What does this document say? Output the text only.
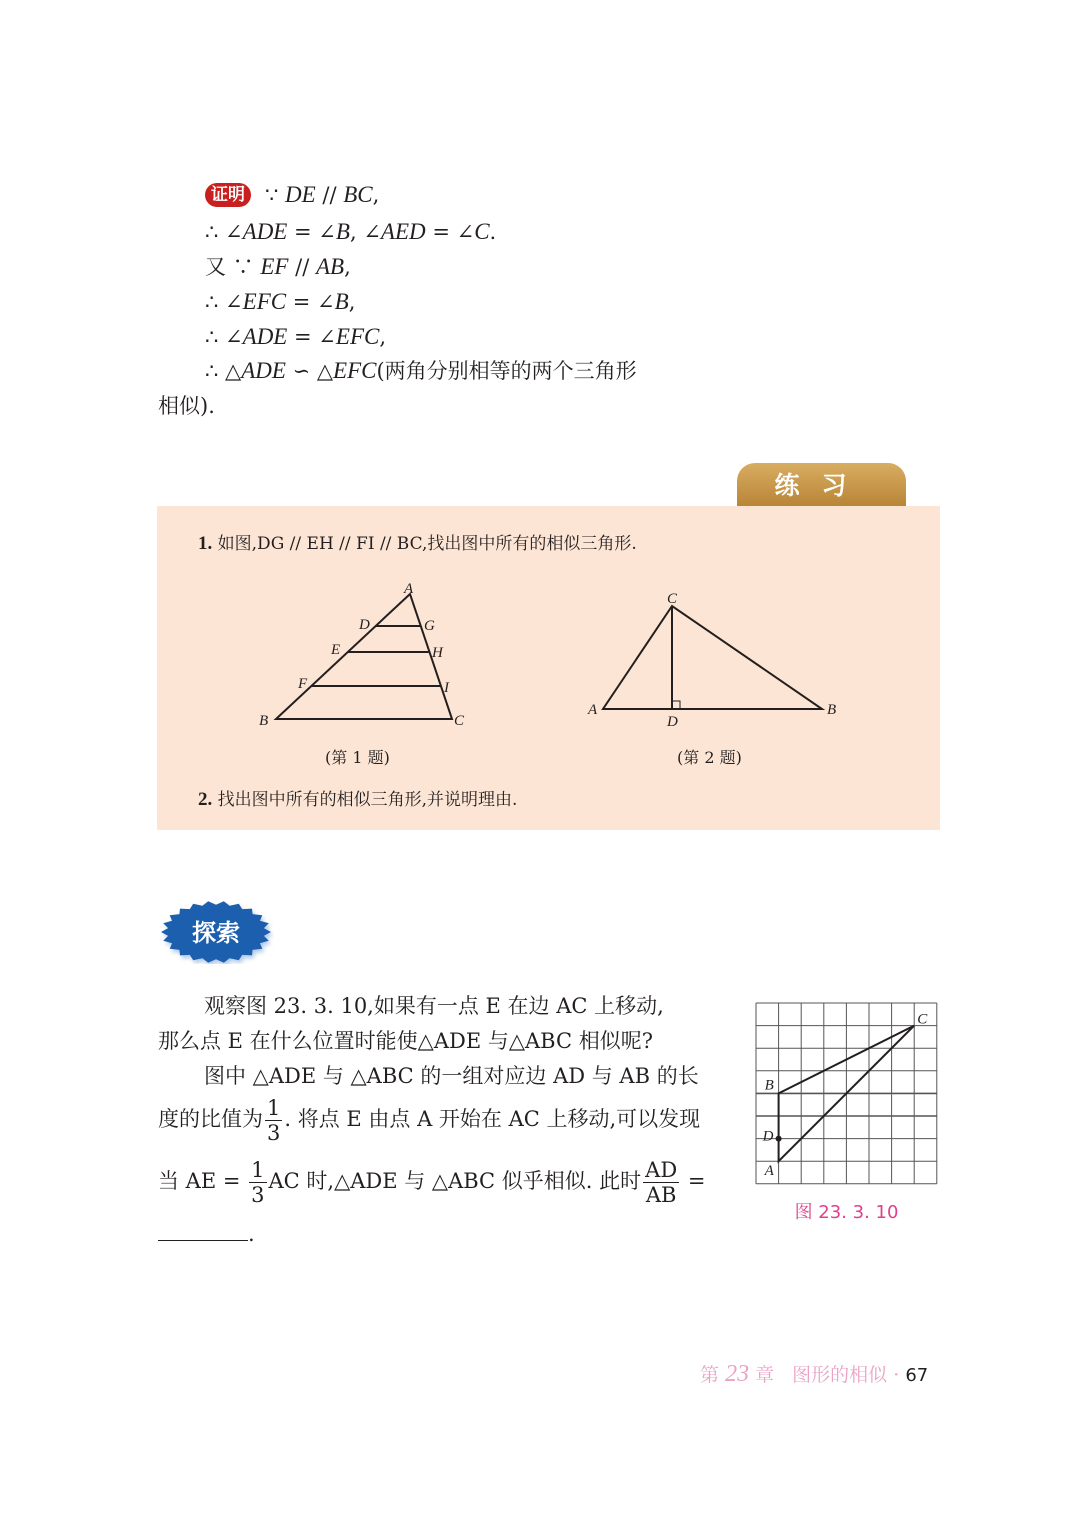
证明 ∵ DE // BC,
∴ ∠ADE = ∠B, ∠AED = ∠C.
又 ∵ EF // AB,
∴ ∠EFC = ∠B,
∴ ∠ADE = ∠EFC,
∴ △ADE ∽ △EFC(两角分别相等的两个三角形
相似).
练习
1. 如图,DG // EH // FI // BC,找出图中所有的相似三角形.
A
D	G
E	H
F	I
B	C
C
A
D
B
(第 1 题)	(第 2 题)
2. 找出图中所有的相似三角形,并说明理由.
探索
观察图 23. 3. 10,如果有一点 E 在边 AC 上移动,
那么点 E 在什么位置时能使△ADE 与△ABC 相似呢?
图中 △ADE 与 △ABC 的一组对应边 AD 与 AB 的长
度的比值为 $\frac{1}{3}$ . 将点 E 由点 A 开始在 AC 上移动,可以发现
当 AE = $\frac{1}{3}$ AC 时,△ADE 与 △ABC 似乎相似. 此时 $\frac{AD}{AB}$ =
.
C
B
D
A
图 23. 3. 10
第 23 章 图形的相似 · 67
